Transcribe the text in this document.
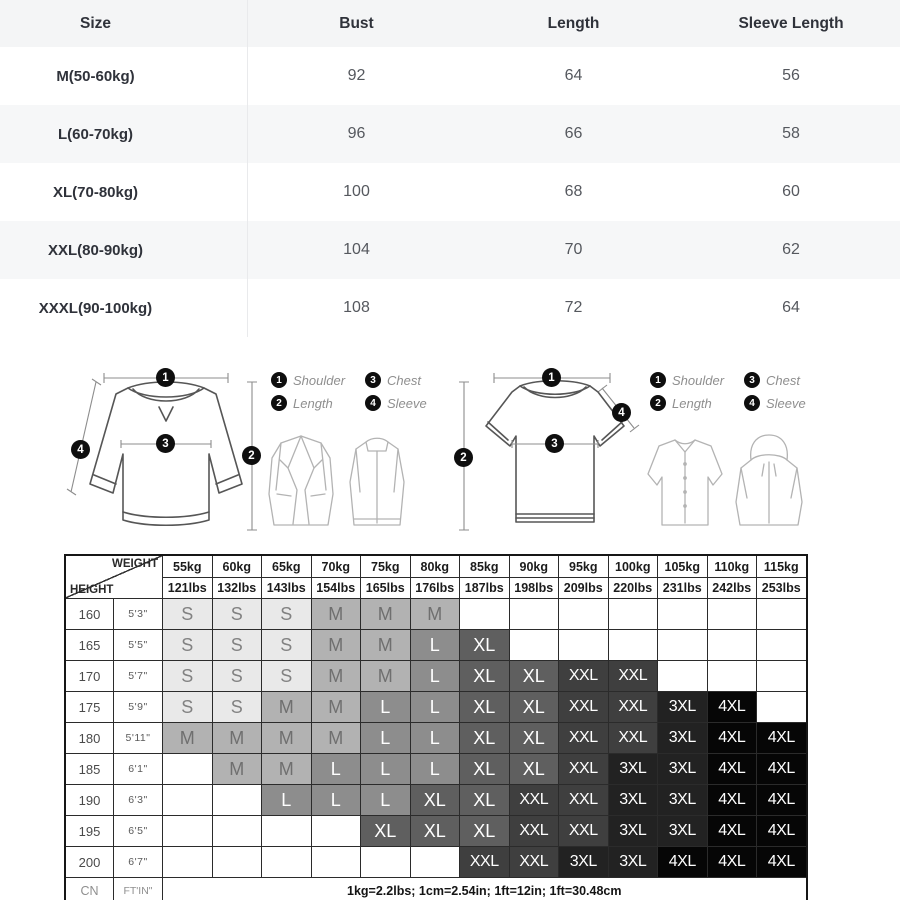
Size	Bust	Length	Sleeve Length
M(50-60kg)	92	64	56
L(60-70kg)	96	66	58
XL(70-80kg)	100	68	60
XXL(80-90kg)	104	70	62
XXXL(90-100kg)	108	72	64
1
3
2
4
1 Shoulder	3 Chest
2 Length	4 Sleeve
1
3
2
4
1 Shoulder	3 Chest
2 Length	4 Sleeve
WEIGHT
HEIGHT		55kg	60kg	65kg	70kg	75kg	80kg	85kg	90kg	95kg	100kg	105kg	110kg	115kg
		121lbs	132lbs	143lbs	154lbs	165lbs	176lbs	187lbs	198lbs	209lbs	220lbs	231lbs	242lbs	253lbs
160	5'3"	S	S	S	M	M	M							
165	5'5"	S	S	S	M	M	L	XL						
170	5'7"	S	S	S	M	M	L	XL	XL	XXL	XXL			
175	5'9"	S	S	M	M	L	L	XL	XL	XXL	XXL	3XL	4XL	
180	5'11"	M	M	M	M	L	L	XL	XL	XXL	XXL	3XL	4XL	4XL
185	6'1"		M	M	L	L	L	XL	XL	XXL	3XL	3XL	4XL	4XL
190	6'3"			L	L	L	XL	XL	XXL	XXL	3XL	3XL	4XL	4XL
195	6'5"					XL	XL	XL	XXL	XXL	3XL	3XL	4XL	4XL
200	6'7"							XXL	XXL	3XL	3XL	4XL	4XL	4XL
CN	FT'IN"	1kg=2.2lbs; 1cm=2.54in; 1ft=12in; 1ft=30.48cm												
